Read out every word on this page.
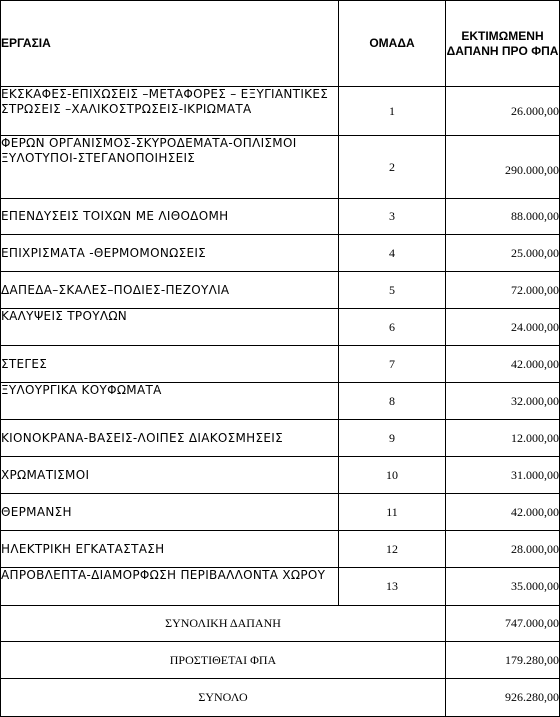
ΕΡΓΑΣΙΑ	ΟΜΑΔΑ	ΕΚΤΙΜΩΜΕΝΗ ΔΑΠΑΝΗ ΠΡΟ ΦΠΑ
ΕΚΣΚΑΦΕΣ-ΕΠΙΧΩΣΕΙΣ –ΜΕΤΑΦΟΡΕΣ – ΕΞΥΓΙΑΝΤΙΚΕΣ ΣΤΡΩΣΕΙΣ –ΧΑΛΙΚΟΣΤΡΩΣΕΙΣ-ΙΚΡΙΩΜΑΤΑ	1	26.000,00
ΦΕΡΩΝ ΟΡΓΑΝΙΣΜΟΣ-ΣΚΥΡΟΔΕΜΑΤΑ-ΟΠΛΙΣΜΟΙ ΞΥΛΟΤΥΠΟΙ-ΣΤΕΓΑΝΟΠΟΙΗΣΕΙΣ	2	290.000,00
ΕΠΕΝΔΥΣΕΙΣ ΤΟΙΧΩΝ ΜΕ ΛΙΘΟΔΟΜΗ	3	88.000,00
ΕΠΙΧΡΙΣΜΑΤΑ -ΘΕΡΜΟΜΟΝΩΣΕΙΣ	4	25.000,00
ΔΑΠΕΔΑ–ΣΚΑΛΕΣ–ΠΟΔΙΕΣ-ΠΕΖΟΥΛΙΑ	5	72.000,00
ΚΑΛΥΨΕΙΣ ΤΡΟΥΛΩΝ	6	24.000,00
ΣΤΕΓΕΣ	7	42.000,00
ΞΥΛΟΥΡΓΙΚΑ ΚΟΥΦΩΜΑΤΑ	8	32.000,00
ΚΙΟΝΟΚΡΑΝΑ-ΒΑΣΕΙΣ-ΛΟΙΠΕΣ ΔΙΑΚΟΣΜΗΣΕΙΣ	9	12.000,00
ΧΡΩΜΑΤΙΣΜΟΙ	10	31.000,00
ΘΕΡΜΑΝΣΗ	11	42.000,00
ΗΛΕΚΤΡΙΚΗ ΕΓΚΑΤΑΣΤΑΣΗ	12	28.000,00
ΑΠΡΟΒΛΕΠΤΑ-ΔΙΑΜΟΡΦΩΣΗ ΠΕΡΙΒΑΛΛΟΝΤΑ ΧΩΡΟΥ	13	35.000,00
ΣΥΝΟΛΙΚΗ ΔΑΠΑΝΗ		747.000,00
ΠΡΟΣΤΙΘΕΤΑΙ ΦΠΑ		179.280,00
ΣΥΝΟΛΟ		926.280,00
